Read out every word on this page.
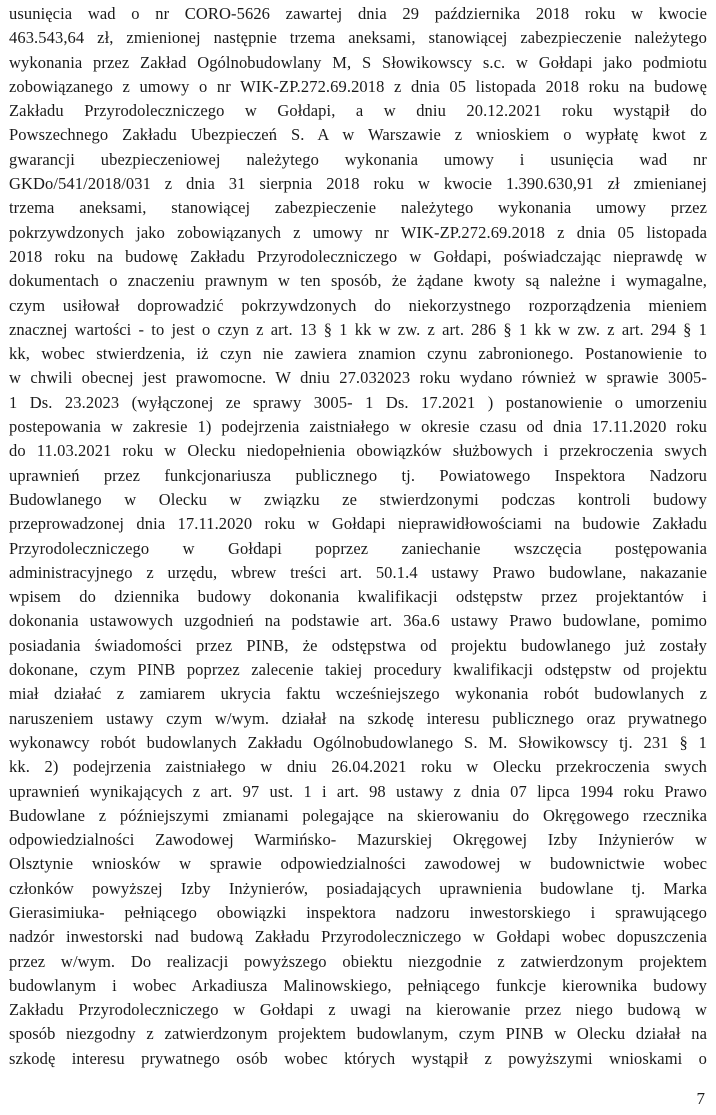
usunięcia wad o nr CORO-5626 zawartej dnia 29 października 2018 roku w kwocie
463.543,64 zł, zmienionej następnie trzema aneksami, stanowiącej zabezpieczenie należytego
wykonania przez Zakład Ogólnobudowlany M, S Słowikowscy s.c. w Gołdapi jako podmiotu
zobowiązanego z umowy o nr WIK-ZP.272.69.2018 z dnia 05 listopada 2018 roku na budowę
Zakładu Przyrodoleczniczego w Gołdapi, a w dniu 20.12.2021 roku wystąpił do
Powszechnego Zakładu Ubezpieczeń S. A w Warszawie z wnioskiem o wypłatę kwot z
gwarancji ubezpieczeniowej należytego wykonania umowy i usunięcia wad nr
GKDo/541/2018/031 z dnia 31 sierpnia 2018 roku w kwocie 1.390.630,91 zł zmienianej
trzema aneksami, stanowiącej zabezpieczenie należytego wykonania umowy przez
pokrzywdzonych jako zobowiązanych z umowy nr WIK-ZP.272.69.2018 z dnia 05 listopada
2018 roku na budowę Zakładu Przyrodoleczniczego w Gołdapi, poświadczając nieprawdę w
dokumentach o znaczeniu prawnym w ten sposób, że żądane kwoty są należne i wymagalne,
czym usiłował doprowadzić pokrzywdzonych do niekorzystnego rozporządzenia mieniem
znacznej wartości - to jest o czyn z art. 13 § 1 kk w zw. z art. 286 § 1 kk w zw. z art. 294 § 1
kk, wobec stwierdzenia, iż czyn nie zawiera znamion czynu zabronionego. Postanowienie to
w chwili obecnej jest prawomocne. W dniu 27.032023 roku wydano również w sprawie 3005-
1 Ds. 23.2023 (wyłączonej ze sprawy 3005- 1 Ds. 17.2021 ) postanowienie o umorzeniu
postepowania w zakresie 1) podejrzenia zaistniałego w okresie czasu od dnia 17.11.2020 roku
do 11.03.2021 roku w Olecku niedopełnienia obowiązków służbowych i przekroczenia swych
uprawnień przez funkcjonariusza publicznego tj. Powiatowego Inspektora Nadzoru
Budowlanego w Olecku w związku ze stwierdzonymi podczas kontroli budowy
przeprowadzonej dnia 17.11.2020 roku w Gołdapi nieprawidłowościami na budowie Zakładu
Przyrodoleczniczego w Gołdapi poprzez zaniechanie wszczęcia postępowania
administracyjnego z urzędu, wbrew treści art. 50.1.4 ustawy Prawo budowlane, nakazanie
wpisem do dziennika budowy dokonania kwalifikacji odstępstw przez projektantów i
dokonania ustawowych uzgodnień na podstawie art. 36a.6 ustawy Prawo budowlane, pomimo
posiadania świadomości przez PINB, że odstępstwa od projektu budowlanego już zostały
dokonane, czym PINB poprzez zalecenie takiej procedury kwalifikacji odstępstw od projektu
miał działać z zamiarem ukrycia faktu wcześniejszego wykonania robót budowlanych z
naruszeniem ustawy czym w/wym. działał na szkodę interesu publicznego oraz prywatnego
wykonawcy robót budowlanych Zakładu Ogólnobudowlanego S. M. Słowikowscy tj. 231 § 1
kk. 2) podejrzenia zaistniałego w dniu 26.04.2021 roku w Olecku przekroczenia swych
uprawnień wynikających z art. 97 ust. 1 i art. 98 ustawy z dnia 07 lipca 1994 roku Prawo
Budowlane z późniejszymi zmianami polegające na skierowaniu do Okręgowego rzecznika
odpowiedzialności Zawodowej Warmińsko- Mazurskiej Okręgowej Izby Inżynierów w
Olsztynie wniosków w sprawie odpowiedzialności zawodowej w budownictwie wobec
członków powyższej Izby Inżynierów, posiadających uprawnienia budowlane tj. Marka
Gierasimiuka- pełniącego obowiązki inspektora nadzoru inwestorskiego i sprawującego
nadzór inwestorski nad budową Zakładu Przyrodoleczniczego w Gołdapi wobec dopuszczenia
przez w/wym. Do realizacji powyższego obiektu niezgodnie z zatwierdzonym projektem
budowlanym i wobec Arkadiusza Malinowskiego, pełniącego funkcje kierownika budowy
Zakładu Przyrodoleczniczego w Gołdapi z uwagi na kierowanie przez niego budową w
sposób niezgodny z zatwierdzonym projektem budowlanym, czym PINB w Olecku działał na
szkodę interesu prywatnego osób wobec których wystąpił z powyższymi wnioskami o
7
